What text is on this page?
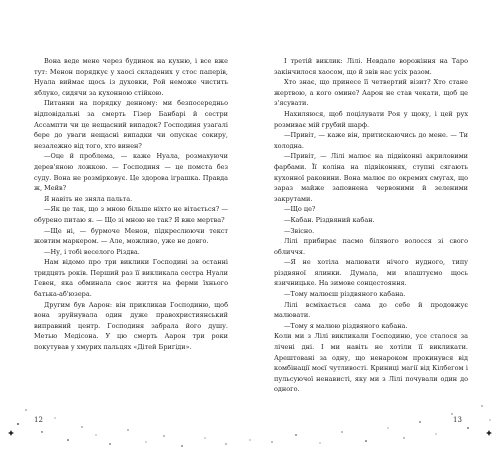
Вона веде мене через будинок на кухню, і все вже тут: Менон порядкує у хаосі складених у стос паперів, Нуала виймає щось із духовки, Рой неможе чистить яблуко, сидячи за кухонною стійкою.

Питанни на порядку денному: ми безпосередньо відповідальні за смерть Гізер Банбарі й сестри Ассампти чи це нещасний випадок? Господиня узагалі бере до уваги нещасні випадки чи опускає сокиру, незалежно від того, хто винен?

—Оце й проблема, — каже Нуала, розмахуючи дерев'яною ложкою. — Господиня — це помста без суду. Вона не розмірковує. Це здорова іграшка. Правда ж, Мейв?

Я навіть не зняла пальта.

—Як це так, що з мною більше ніхто не вітається? — обурено питаю я. — Що зі мною не так? Я вже мертва?

—Ще ні, — бурмоче Менон, підкреслюючи текст жовтим маркером. — Але, можливо, уже не довго.

—Ну, і тобі веселого Різдва.

Нам відомо про три виклики Господині за останні тридцять років. Перший раз її викликала сестра Нуали Гевен, яка обминала своє життя на ферми їхнього батька-аб'юзера.

Другим був Аарон: він прикликав Господиню, щоб вона зруйнувала один дуже правохристиянський виправний центр. Господиня забрала його душу. Метью Медісона. У цю смерть Аарон три роки покутував у хмурих пальцях «Дітей Бригіди».

І третій виклик: Лілі. Невдале ворожіння на Таро закінчилося хаосом, що й звів нас усіх разом.

Хто знає, що принесе її четвертий візит? Хто стане жертвою, а кого омине? Аарон не став чекати, щоб це з'ясувати.

Нахиляюся, щоб поцілувати Роя у щоку, і цей рух розмиває мій грубий шарф.

—Привіт, — каже він, притискаючись до мене. — Ти холодна.

—Привіт, — Лілі малює на підвіконні акриловими фарбами. Її коліна на підвіконнях, ступні сягають кухонної раковини. Вона малює по окремих смугах, що зараз майже заповнена червоними й зеленими закрутами.

—Що це?

—Кабан. Різдвяний кабан.

—Звісно.

Лілі прибирає пасмо білявого волосся зі свого обличчя.

—Я не хотіла малювати нічого нудного, типу різдвяної ялинки. Думала, ми влаштуємо щось язичницьке. На зимове сонцестояння.

—Тому малюєш різдвяного кабана.

Лілі всміхається сама до себе й продовжує малювати.

—Тому я малюю різдвяного кабана.

Коли ми з Лілі викликали Господиню, усе сталося за лічені дні. І ми навіть не хотіли її викликати. Арештовані за одну, що ненароком прокинувся від комбінації моєї чутливості. Криниці магії від Кілбегом і пульсуючої ненависті, яку ми з Лілі почували один до одного.

12	13
